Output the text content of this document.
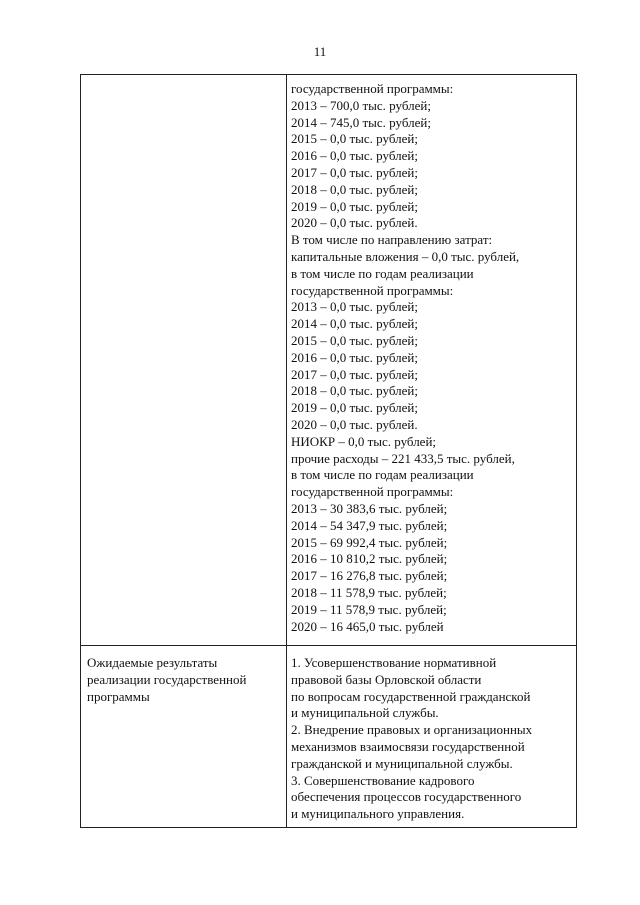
11
государственной программы:
2013 – 700,0 тыс. рублей;
2014 – 745,0 тыс. рублей;
2015 – 0,0 тыс. рублей;
2016 – 0,0 тыс. рублей;
2017 – 0,0 тыс. рублей;
2018 – 0,0 тыс. рублей;
2019 – 0,0 тыс. рублей;
2020 – 0,0 тыс. рублей.
В том числе по направлению затрат:
капитальные вложения – 0,0 тыс. рублей,
в том числе по годам реализации
государственной программы:
2013 – 0,0 тыс. рублей;
2014 – 0,0 тыс. рублей;
2015 – 0,0 тыс. рублей;
2016 – 0,0 тыс. рублей;
2017 – 0,0 тыс. рублей;
2018 – 0,0 тыс. рублей;
2019 – 0,0 тыс. рублей;
2020 – 0,0 тыс. рублей.
НИОКР – 0,0 тыс. рублей;
прочие расходы – 221 433,5 тыс. рублей,
в том числе по годам реализации
государственной программы:
2013 – 30 383,6 тыс. рублей;
2014 – 54 347,9 тыс. рублей;
2015 – 69 992,4 тыс. рублей;
2016 – 10 810,2 тыс. рублей;
2017 – 16 276,8 тыс. рублей;
2018 – 11 578,9 тыс. рублей;
2019 – 11 578,9 тыс. рублей;
2020 – 16 465,0 тыс. рублей
Ожидаемые результаты
реализации государственной
программы
1. Усовершенствование нормативной
правовой базы Орловской области
по вопросам государственной гражданской
и муниципальной службы.
2. Внедрение правовых и организационных
механизмов взаимосвязи государственной
гражданской и муниципальной службы.
3. Совершенствование кадрового
обеспечения процессов государственного
и муниципального управления.
